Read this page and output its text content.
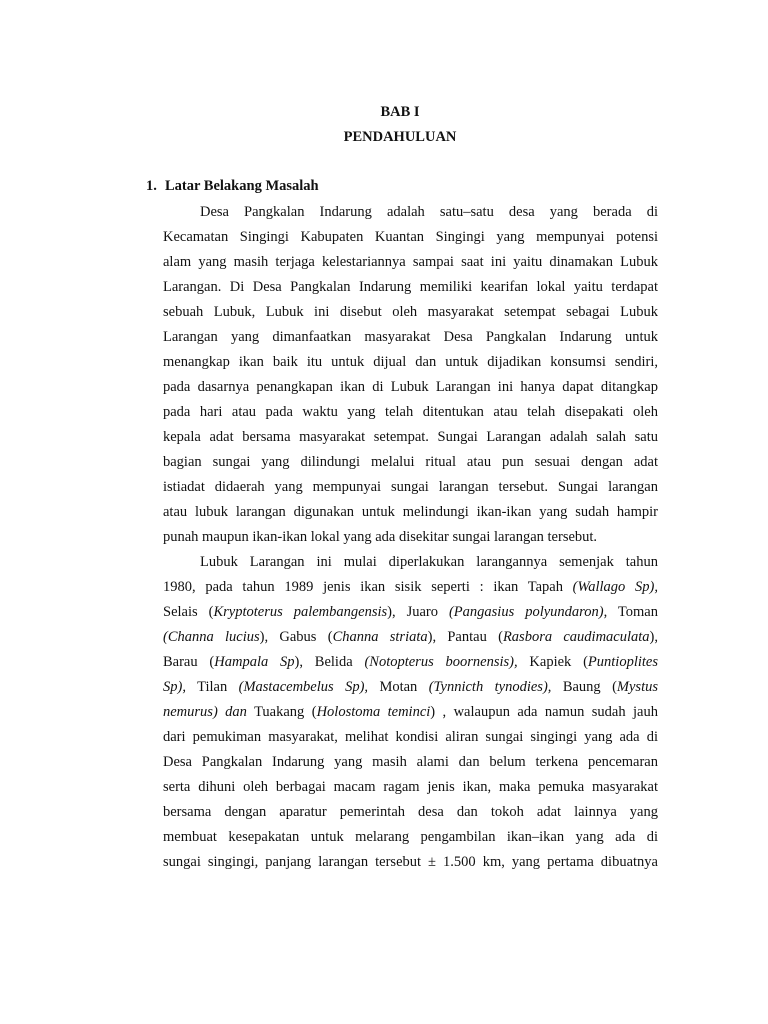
BAB I
PENDAHULUAN
1. Latar Belakang Masalah
Desa Pangkalan Indarung adalah satu–satu desa yang berada di
Kecamatan Singingi Kabupaten Kuantan Singingi yang mempunyai potensi
alam yang masih terjaga kelestariannya sampai saat ini yaitu dinamakan Lubuk
Larangan. Di Desa Pangkalan Indarung memiliki kearifan lokal yaitu terdapat
sebuah Lubuk, Lubuk ini disebut oleh masyarakat setempat sebagai Lubuk
Larangan yang dimanfaatkan masyarakat Desa Pangkalan Indarung untuk
menangkap ikan baik itu untuk dijual dan untuk dijadikan konsumsi sendiri,
pada dasarnya penangkapan ikan di Lubuk Larangan ini hanya dapat ditangkap
pada hari atau pada waktu yang telah ditentukan atau telah disepakati oleh
kepala adat bersama masyarakat setempat. Sungai Larangan adalah salah satu
bagian sungai yang dilindungi melalui ritual atau pun sesuai dengan adat
istiadat didaerah yang mempunyai sungai larangan tersebut. Sungai larangan
atau lubuk larangan digunakan untuk melindungi ikan-ikan yang sudah hampir
punah maupun ikan-ikan lokal yang ada disekitar sungai larangan tersebut.
Lubuk Larangan ini mulai diperlakukan larangannya semenjak tahun
1980, pada tahun 1989 jenis ikan sisik seperti : ikan Tapah (Wallago Sp),
Selais (Kryptoterus palembangensis), Juaro (Pangasius polyundaron), Toman
(Channa lucius), Gabus (Channa striata), Pantau (Rasbora caudimaculata),
Barau (Hampala Sp), Belida (Notopterus boornensis), Kapiek (Puntioplites
Sp), Tilan (Mastacembelus Sp), Motan (Tynnicth tynodies), Baung (Mystus
nemurus) dan Tuakang (Holostoma teminci) , walaupun ada namun sudah jauh
dari pemukiman masyarakat, melihat kondisi aliran sungai singingi yang ada di
Desa Pangkalan Indarung yang masih alami dan belum terkena pencemaran
serta dihuni oleh berbagai macam ragam jenis ikan, maka pemuka masyarakat
bersama dengan aparatur pemerintah desa dan tokoh adat lainnya yang
membuat kesepakatan untuk melarang pengambilan ikan–ikan yang ada di
sungai singingi, panjang larangan tersebut ± 1.500 km, yang pertama dibuatnya
